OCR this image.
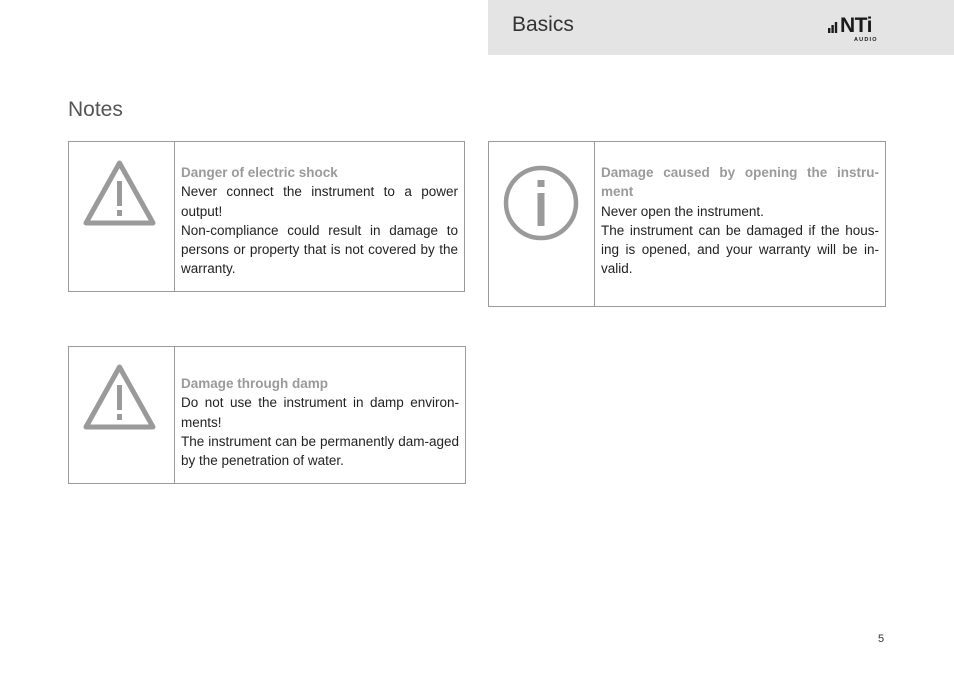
Basics	NTi
AUDIO
Notes
Danger of electric shock

Never connect the instrument to a power output!

Non-compliance could result in damage to persons or property that is not covered by the warranty.

Damage caused by opening the instru-ment

Never open the instrument.

The instrument can be damaged if the hous-ing is opened, and your warranty will be in-valid.

Damage through damp

Do not use the instrument in damp environ-ments!

The instrument can be permanently dam-aged by the penetration of water.

5
